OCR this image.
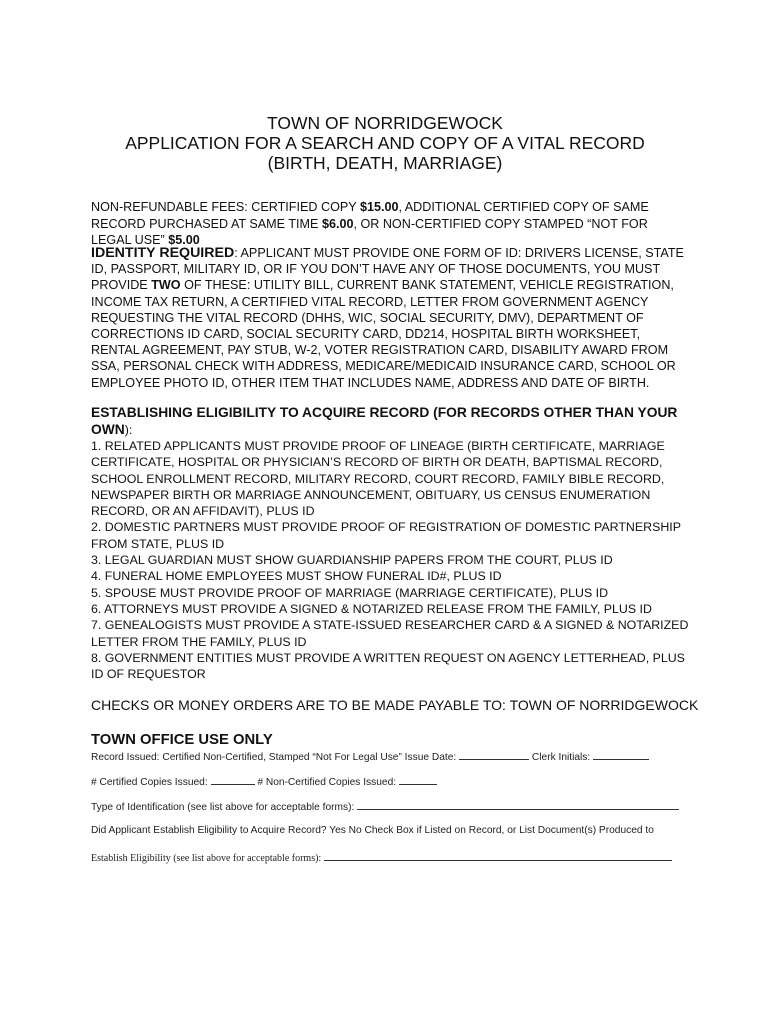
TOWN OF NORRIDGEWOCK
APPLICATION FOR A SEARCH AND COPY OF A VITAL RECORD
(BIRTH, DEATH, MARRIAGE)
NON-REFUNDABLE FEES: CERTIFIED COPY $15.00, ADDITIONAL CERTIFIED COPY OF SAME RECORD PURCHASED AT SAME TIME $6.00, OR NON-CERTIFIED COPY STAMPED “NOT FOR LEGAL USE” $5.00
IDENTITY REQUIRED: APPLICANT MUST PROVIDE ONE FORM OF ID: DRIVERS LICENSE, STATE ID, PASSPORT, MILITARY ID, OR IF YOU DON’T HAVE ANY OF THOSE DOCUMENTS, YOU MUST PROVIDE TWO OF THESE: UTILITY BILL, CURRENT BANK STATEMENT, VEHICLE REGISTRATION, INCOME TAX RETURN, A CERTIFIED VITAL RECORD, LETTER FROM GOVERNMENT AGENCY REQUESTING THE VITAL RECORD (DHHS, WIC, SOCIAL SECURITY, DMV), DEPARTMENT OF CORRECTIONS ID CARD, SOCIAL SECURITY CARD, DD214, HOSPITAL BIRTH WORKSHEET, RENTAL AGREEMENT, PAY STUB, W-2, VOTER REGISTRATION CARD, DISABILITY AWARD FROM SSA, PERSONAL CHECK WITH ADDRESS, MEDICARE/MEDICAID INSURANCE CARD, SCHOOL OR EMPLOYEE PHOTO ID, OTHER ITEM THAT INCLUDES NAME, ADDRESS AND DATE OF BIRTH.
ESTABLISHING ELIGIBILITY TO ACQUIRE RECORD (FOR RECORDS OTHER THAN YOUR OWN):
1. RELATED APPLICANTS MUST PROVIDE PROOF OF LINEAGE (BIRTH CERTIFICATE, MARRIAGE CERTIFICATE, HOSPITAL OR PHYSICIAN’S RECORD OF BIRTH OR DEATH, BAPTISMAL RECORD, SCHOOL ENROLLMENT RECORD, MILITARY RECORD, COURT RECORD, FAMILY BIBLE RECORD, NEWSPAPER BIRTH OR MARRIAGE ANNOUNCEMENT, OBITUARY, US CENSUS ENUMERATION RECORD, OR AN AFFIDAVIT), PLUS ID
2. DOMESTIC PARTNERS MUST PROVIDE PROOF OF REGISTRATION OF DOMESTIC PARTNERSHIP FROM STATE, PLUS ID
3. LEGAL GUARDIAN MUST SHOW GUARDIANSHIP PAPERS FROM THE COURT, PLUS ID
4. FUNERAL HOME EMPLOYEES MUST SHOW FUNERAL ID#, PLUS ID
5. SPOUSE MUST PROVIDE PROOF OF MARRIAGE (MARRIAGE CERTIFICATE), PLUS ID
6. ATTORNEYS MUST PROVIDE A SIGNED & NOTARIZED RELEASE FROM THE FAMILY, PLUS ID
7. GENEALOGISTS MUST PROVIDE A STATE-ISSUED RESEARCHER CARD & A SIGNED & NOTARIZED LETTER FROM THE FAMILY, PLUS ID
8. GOVERNMENT ENTITIES MUST PROVIDE A WRITTEN REQUEST ON AGENCY LETTERHEAD, PLUS ID OF REQUESTOR
CHECKS OR MONEY ORDERS ARE TO BE MADE PAYABLE TO: TOWN OF NORRIDGEWOCK
TOWN OFFICE USE ONLY
Record Issued: Certified Non-Certified, Stamped “Not For Legal Use” Issue Date:	Clerk Initials:
# Certified Copies Issued:	# Non-Certified Copies Issued:
Type of Identification (see list above for acceptable forms):
Did Applicant Establish Eligibility to Acquire Record? Yes No Check Box if Listed on Record, or List Document(s) Produced to
Establish Eligibility (see list above for acceptable forms):
